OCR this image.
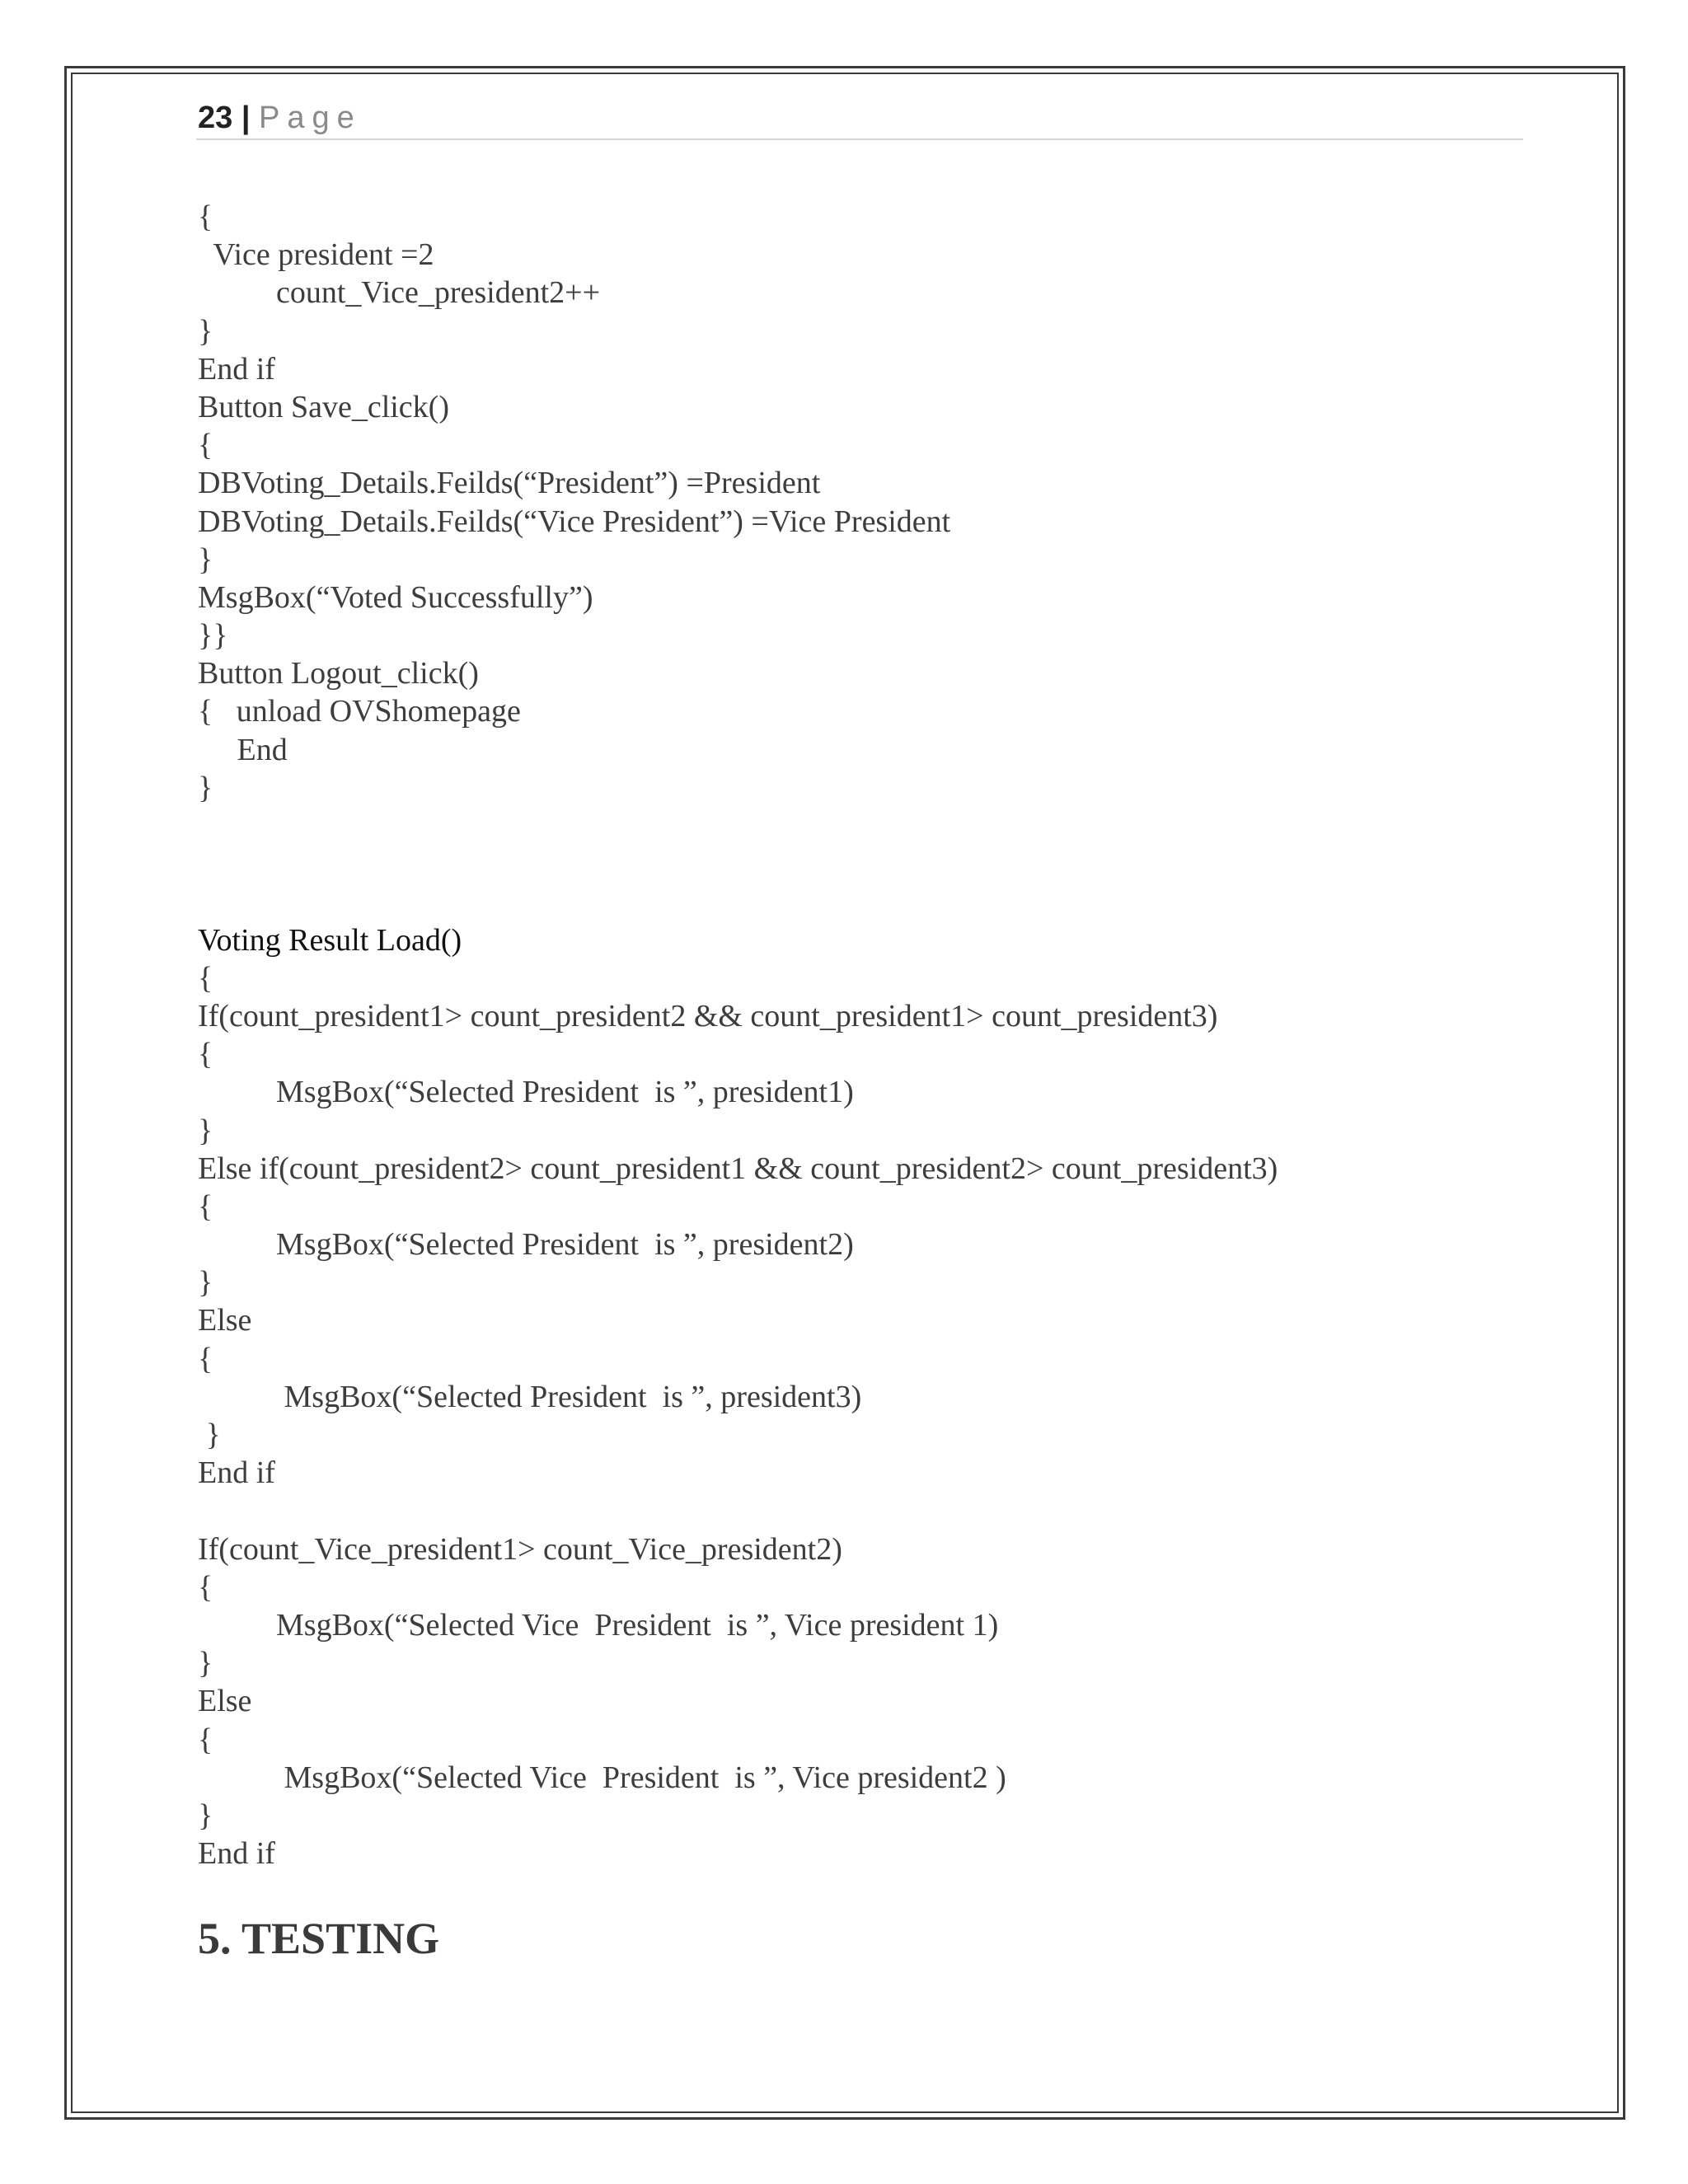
23 | Page
{
Vice president =2
count_Vice_president2++
}
End if
Button Save_click()
{
DBVoting_Details.Feilds(“President”) =President
DBVoting_Details.Feilds(“Vice President”) =Vice President
}
MsgBox(“Voted Successfully”)
}}
Button Logout_click()
{   unload OVShomepage
End
}
Voting Result Load()
{
If(count_president1> count_president2 && count_president1> count_president3)
{
MsgBox(“Selected President  is ”, president1)
}
Else if(count_president2> count_president1 && count_president2> count_president3)
{
MsgBox(“Selected President  is ”, president2)
}
Else
{
MsgBox(“Selected President  is ”, president3)
}
End if
If(count_Vice_president1> count_Vice_president2)
{
MsgBox(“Selected Vice  President  is ”, Vice president 1)
}
Else
{
MsgBox(“Selected Vice  President  is ”, Vice president2 )
}
End if
5. TESTING
